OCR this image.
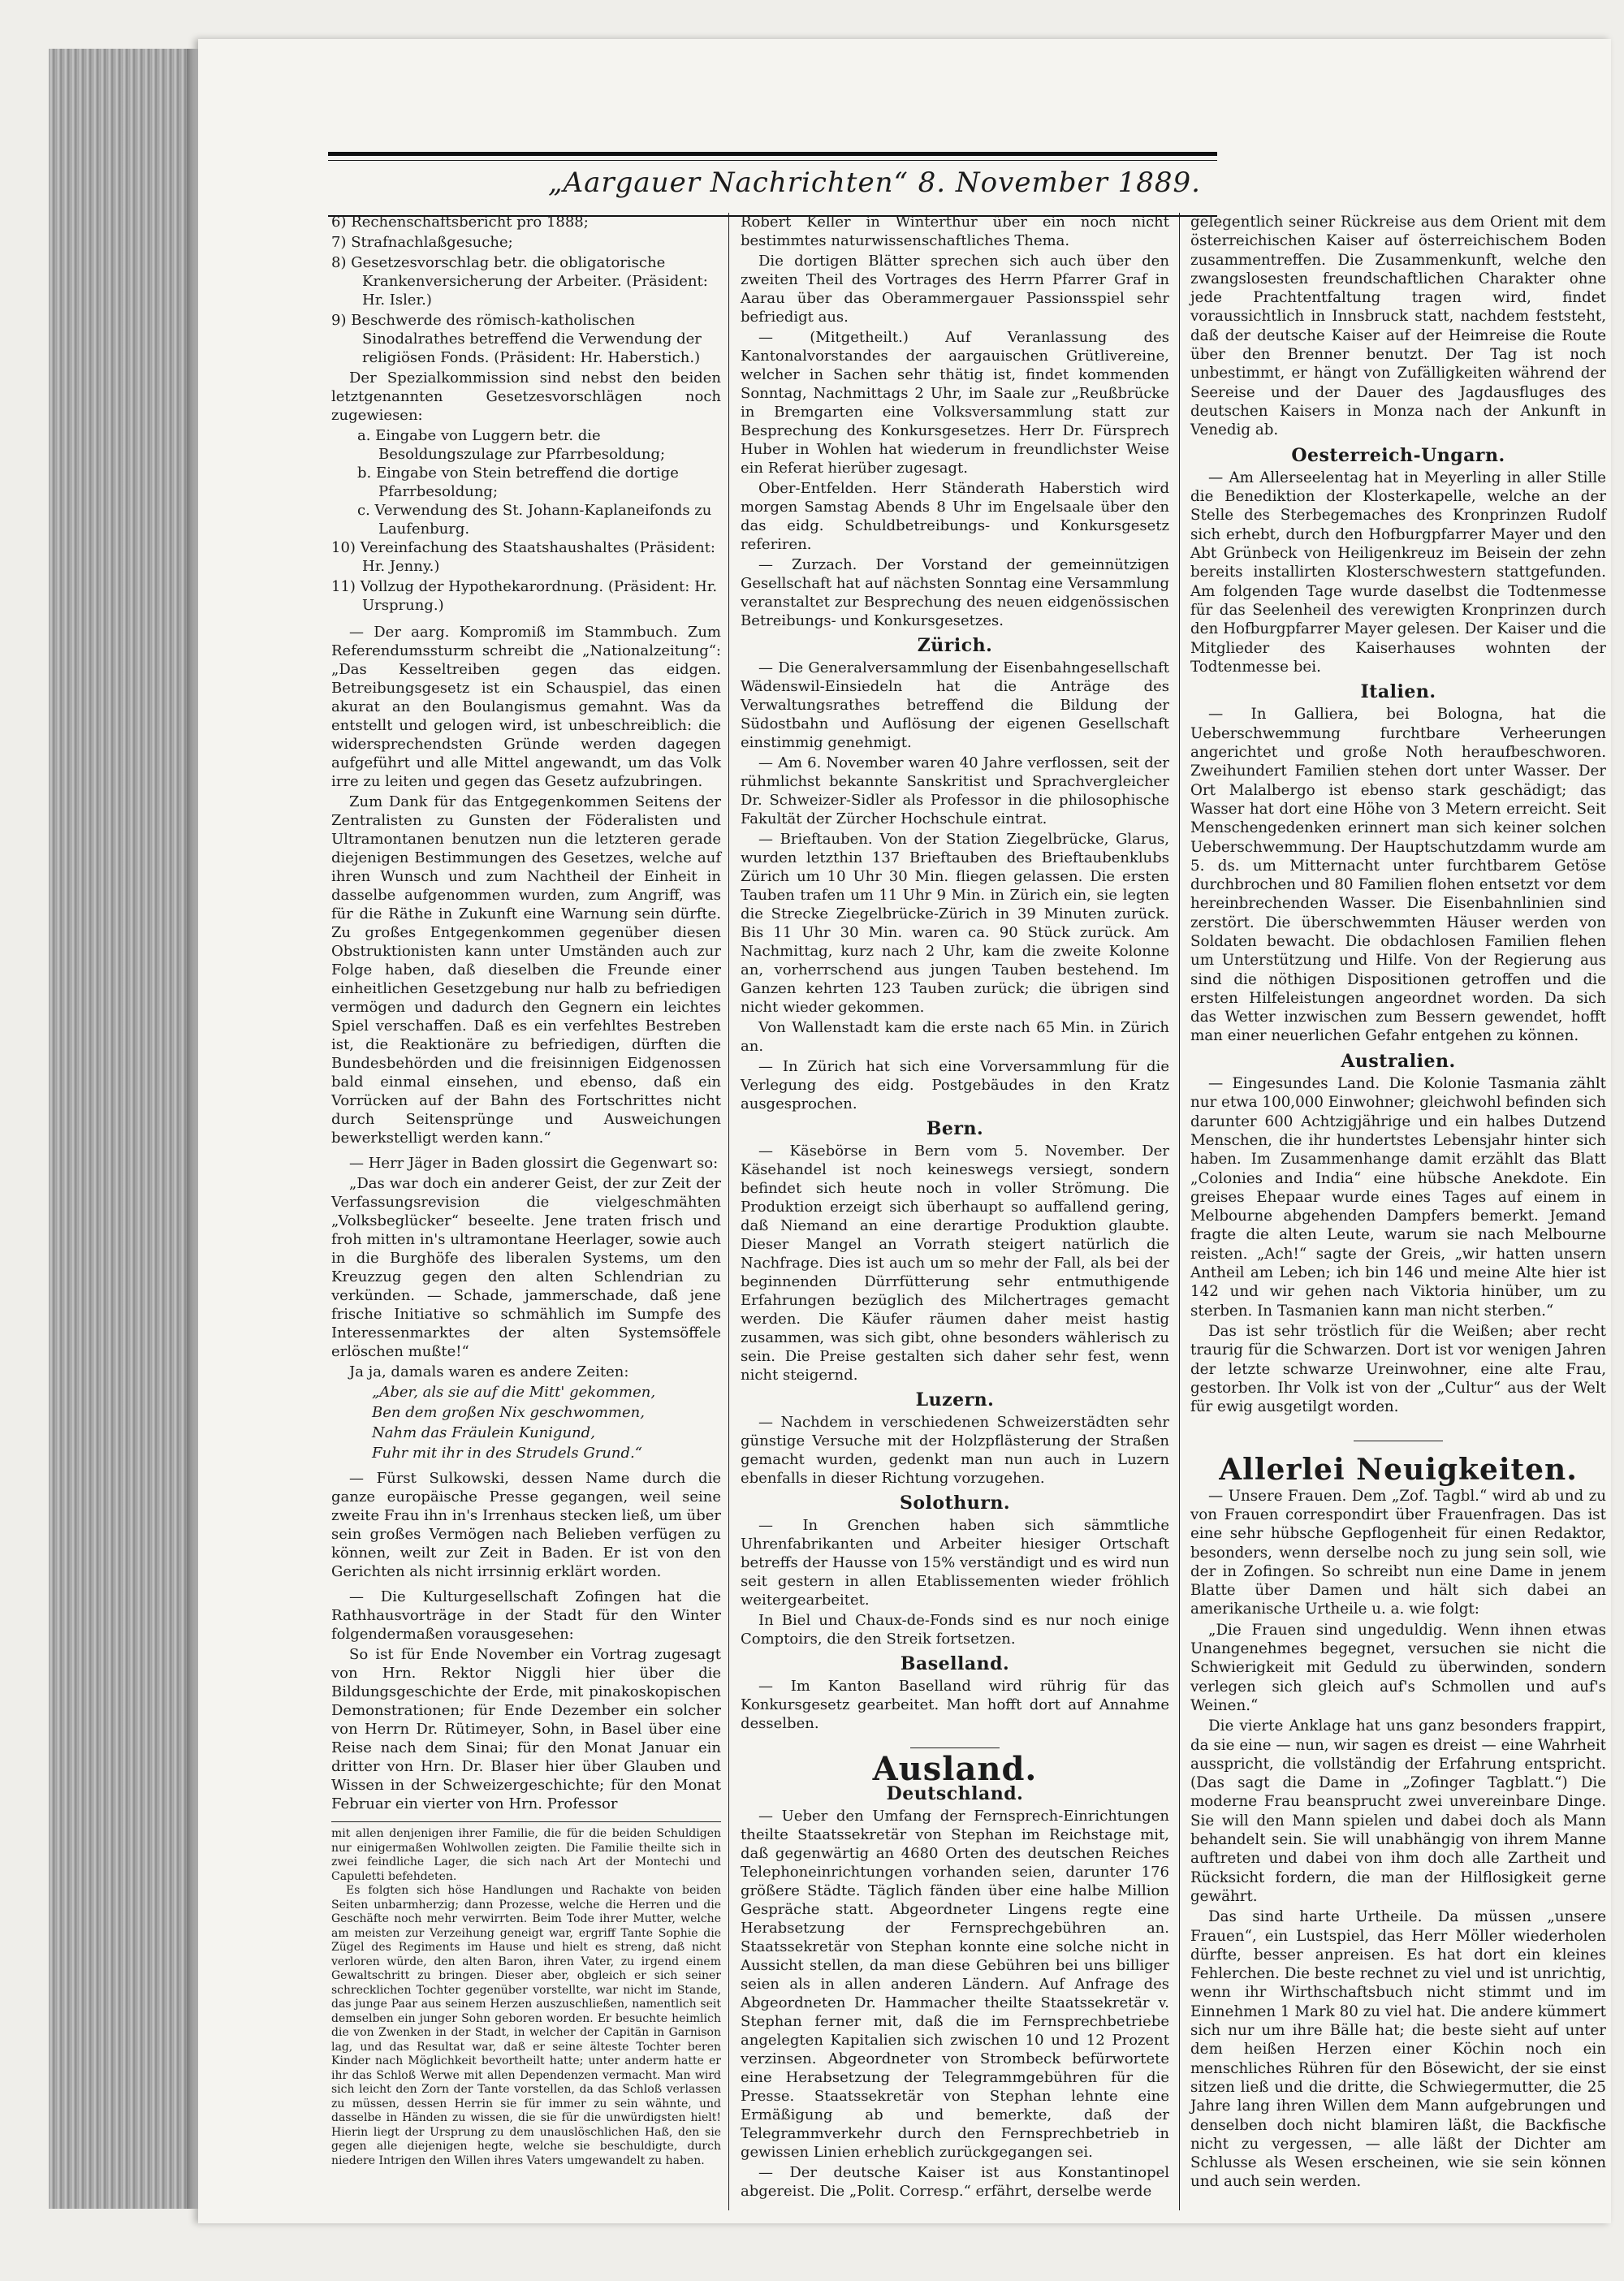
„Aargauer Nachrichten“ 8. November 1889.
6) Rechenschaftsbericht pro 1888;
7) Strafnachlaßgesuche;
8) Gesetzesvorschlag betr. die obligatorische Krankenversicherung der Arbeiter. (Präsident: Hr. Isler.)
9) Beschwerde des römisch-katholischen Sinodalrathes betreffend die Verwendung der religiösen Fonds. (Präsident: Hr. Haberstich.)

Der Spezialkommission sind nebst den beiden letztgenannten Gesetzesvorschlägen noch zugewiesen:

a. Eingabe von Luggern betr. die Besoldungszulage zur Pfarrbesoldung;
b. Eingabe von Stein betreffend die dortige Pfarrbesoldung;
c. Verwendung des St. Johann-Kaplaneifonds zu Laufenburg.
10) Vereinfachung des Staatshaushaltes (Präsident: Hr. Jenny.)
11) Vollzug der Hypothekarordnung. (Präsident: Hr. Ursprung.)

— Der aarg. Kompromiß im Stammbuch. Zum Referendumssturm schreibt die „Nationalzeitung“: „Das Kesseltreiben gegen das eidgen. Betreibungsgesetz ist ein Schauspiel, das einen akurat an den Boulangismus gemahnt. Was da entstellt und gelogen wird, ist unbeschreiblich: die widersprechendsten Gründe werden dagegen aufgeführt und alle Mittel angewandt, um das Volk irre zu leiten und gegen das Gesetz aufzubringen.

Zum Dank für das Entgegenkommen Seitens der Zentralisten zu Gunsten der Föderalisten und Ultramontanen benutzen nun die letzteren gerade diejenigen Bestimmungen des Gesetzes, welche auf ihren Wunsch und zum Nachtheil der Einheit in dasselbe aufgenommen wurden, zum Angriff, was für die Räthe in Zukunft eine Warnung sein dürfte. Zu großes Entgegenkommen gegenüber diesen Obstruktionisten kann unter Umständen auch zur Folge haben, daß dieselben die Freunde einer einheitlichen Gesetzgebung nur halb zu befriedigen vermögen und dadurch den Gegnern ein leichtes Spiel verschaffen. Daß es ein verfehltes Bestreben ist, die Reaktionäre zu befriedigen, dürften die Bundesbehörden und die freisinnigen Eidgenossen bald einmal einsehen, und ebenso, daß ein Vorrücken auf der Bahn des Fortschrittes nicht durch Seitensprünge und Ausweichungen bewerkstelligt werden kann.“

— Herr Jäger in Baden glossirt die Gegenwart so:

„Das war doch ein anderer Geist, der zur Zeit der Verfassungsrevision die vielgeschmähten „Volksbeglücker“ beseelte. Jene traten frisch und froh mitten in's ultramontane Heerlager, sowie auch in die Burghöfe des liberalen Systems, um den Kreuzzug gegen den alten Schlendrian zu verkünden. — Schade, jammerschade, daß jene frische Initiative so schmählich im Sumpfe des Interessenmarktes der alten Systemsöffele erlöschen mußte!“

Ja ja, damals waren es andere Zeiten:

„Aber, als sie auf die Mitt' gekommen,
Ben dem großen Nix geschwommen,
Nahm das Fräulein Kunigund,
Fuhr mit ihr in des Strudels Grund.“

— Fürst Sulkowski, dessen Name durch die ganze europäische Presse gegangen, weil seine zweite Frau ihn in's Irrenhaus stecken ließ, um über sein großes Vermögen nach Belieben verfügen zu können, weilt zur Zeit in Baden. Er ist von den Gerichten als nicht irrsinnig erklärt worden.

— Die Kulturgesellschaft Zofingen hat die Rathhausvorträge in der Stadt für den Winter folgendermaßen vorausgesehen:

So ist für Ende November ein Vortrag zugesagt von Hrn. Rektor Niggli hier über die Bildungsgeschichte der Erde, mit pinakoskopischen Demonstrationen; für Ende Dezember ein solcher von Herrn Dr. Rütimeyer, Sohn, in Basel über eine Reise nach dem Sinai; für den Monat Januar ein dritter von Hrn. Dr. Blaser hier über Glauben und Wissen in der Schweizergeschichte; für den Monat Februar ein vierter von Hrn. Professor

mit allen denjenigen ihrer Familie, die für die beiden Schuldigen nur einigermaßen Wohlwollen zeigten. Die Familie theilte sich in zwei feindliche Lager, die sich nach Art der Montechi und Capuletti befehdeten.

Es folgten sich höse Handlungen und Rachakte von beiden Seiten unbarmherzig; dann Prozesse, welche die Herren und die Geschäfte noch mehr verwirrten. Beim Tode ihrer Mutter, welche am meisten zur Verzeihung geneigt war, ergriff Tante Sophie die Zügel des Regiments im Hause und hielt es streng, daß nicht verloren würde, den alten Baron, ihren Vater, zu irgend einem Gewaltschritt zu bringen. Dieser aber, obgleich er sich seiner schrecklichen Tochter gegenüber vorstellte, war nicht im Stande, das junge Paar aus seinem Herzen auszuschließen, namentlich seit demselben ein junger Sohn geboren worden. Er besuchte heimlich die von Zwenken in der Stadt, in welcher der Capitän in Garnison lag, und das Resultat war, daß er seine älteste Tochter beren Kinder nach Möglichkeit bevortheilt hatte; unter anderm hatte er ihr das Schloß Werwe mit allen Dependenzen vermacht. Man wird sich leicht den Zorn der Tante vorstellen, da das Schloß verlassen zu müssen, dessen Herrin sie für immer zu sein wähnte, und dasselbe in Händen zu wissen, die sie für die unwürdigsten hielt! Hierin liegt der Ursprung zu dem unauslöschlichen Haß, den sie gegen alle diejenigen hegte, welche sie beschuldigte, durch niedere Intrigen den Willen ihres Vaters umgewandelt zu haben.

Robert Keller in Winterthur über ein noch nicht bestimmtes naturwissenschaftliches Thema.

Die dortigen Blätter sprechen sich auch über den zweiten Theil des Vortrages des Herrn Pfarrer Graf in Aarau über das Oberammergauer Passionsspiel sehr befriedigt aus.

— (Mitgetheilt.) Auf Veranlassung des Kantonalvorstandes der aargauischen Grütlivereine, welcher in Sachen sehr thätig ist, findet kommenden Sonntag, Nachmittags 2 Uhr, im Saale zur „Reußbrücke in Bremgarten eine Volksversammlung statt zur Besprechung des Konkursgesetzes. Herr Dr. Fürsprech Huber in Wohlen hat wiederum in freundlichster Weise ein Referat hierüber zugesagt.

Ober-Entfelden. Herr Ständerath Haberstich wird morgen Samstag Abends 8 Uhr im Engelsaale über den das eidg. Schuldbetreibungs- und Konkursgesetz referiren.

— Zurzach. Der Vorstand der gemeinnützigen Gesellschaft hat auf nächsten Sonntag eine Versammlung veranstaltet zur Besprechung des neuen eidgenössischen Betreibungs- und Konkursgesetzes.

Zürich.

— Die Generalversammlung der Eisenbahngesellschaft Wädenswil-Einsiedeln hat die Anträge des Verwaltungsrathes betreffend die Bildung der Südostbahn und Auflösung der eigenen Gesellschaft einstimmig genehmigt.

— Am 6. November waren 40 Jahre verflossen, seit der rühmlichst bekannte Sanskritist und Sprachvergleicher Dr. Schweizer-Sidler als Professor in die philosophische Fakultät der Zürcher Hochschule eintrat.

— Brieftauben. Von der Station Ziegelbrücke, Glarus, wurden letzthin 137 Brieftauben des Brieftaubenklubs Zürich um 10 Uhr 30 Min. fliegen gelassen. Die ersten Tauben trafen um 11 Uhr 9 Min. in Zürich ein, sie legten die Strecke Ziegelbrücke-Zürich in 39 Minuten zurück. Bis 11 Uhr 30 Min. waren ca. 90 Stück zurück. Am Nachmittag, kurz nach 2 Uhr, kam die zweite Kolonne an, vorherrschend aus jungen Tauben bestehend. Im Ganzen kehrten 123 Tauben zurück; die übrigen sind nicht wieder gekommen.

Von Wallenstadt kam die erste nach 65 Min. in Zürich an.

— In Zürich hat sich eine Vorversammlung für die Verlegung des eidg. Postgebäudes in den Kratz ausgesprochen.

Bern.

— Käsebörse in Bern vom 5. November. Der Käsehandel ist noch keineswegs versiegt, sondern befindet sich heute noch in voller Strömung. Die Produktion erzeigt sich überhaupt so auffallend gering, daß Niemand an eine derartige Produktion glaubte. Dieser Mangel an Vorrath steigert natürlich die Nachfrage. Dies ist auch um so mehr der Fall, als bei der beginnenden Dürrfütterung sehr entmuthigende Erfahrungen bezüglich des Milchertrages gemacht werden. Die Käufer räumen daher meist hastig zusammen, was sich gibt, ohne besonders wählerisch zu sein. Die Preise gestalten sich daher sehr fest, wenn nicht steigernd.

Luzern.

— Nachdem in verschiedenen Schweizerstädten sehr günstige Versuche mit der Holzpflästerung der Straßen gemacht wurden, gedenkt man nun auch in Luzern ebenfalls in dieser Richtung vorzugehen.

Solothurn.

— In Grenchen haben sich sämmtliche Uhrenfabrikanten und Arbeiter hiesiger Ortschaft betreffs der Hausse von 15% verständigt und es wird nun seit gestern in allen Etablissementen wieder fröhlich weitergearbeitet.

In Biel und Chaux-de-Fonds sind es nur noch einige Comptoirs, die den Streik fortsetzen.

Baselland.

— Im Kanton Baselland wird rührig für das Konkursgesetz gearbeitet. Man hofft dort auf Annahme desselben.

Ausland.
Deutschland.

— Ueber den Umfang der Fernsprech-Einrichtungen theilte Staatssekretär von Stephan im Reichstage mit, daß gegenwärtig an 4680 Orten des deutschen Reiches Telephoneinrichtungen vorhanden seien, darunter 176 größere Städte. Täglich fänden über eine halbe Million Gespräche statt. Abgeordneter Lingens regte eine Herabsetzung der Fernsprechgebühren an. Staatssekretär von Stephan konnte eine solche nicht in Aussicht stellen, da man diese Gebühren bei uns billiger seien als in allen anderen Ländern. Auf Anfrage des Abgeordneten Dr. Hammacher theilte Staatssekretär v. Stephan ferner mit, daß die im Fernsprechbetriebe angelegten Kapitalien sich zwischen 10 und 12 Prozent verzinsen. Abgeordneter von Strombeck befürwortete eine Herabsetzung der Telegrammgebühren für die Presse. Staatssekretär von Stephan lehnte eine Ermäßigung ab und bemerkte, daß der Telegrammverkehr durch den Fernsprechbetrieb in gewissen Linien erheblich zurückgegangen sei.

— Der deutsche Kaiser ist aus Konstantinopel abgereist. Die „Polit. Corresp.“ erfährt, derselbe werde

gelegentlich seiner Rückreise aus dem Orient mit dem österreichischen Kaiser auf österreichischem Boden zusammentreffen. Die Zusammenkunft, welche den zwangslosesten freundschaftlichen Charakter ohne jede Prachtentfaltung tragen wird, findet voraussichtlich in Innsbruck statt, nachdem feststeht, daß der deutsche Kaiser auf der Heimreise die Route über den Brenner benutzt. Der Tag ist noch unbestimmt, er hängt von Zufälligkeiten während der Seereise und der Dauer des Jagdausfluges des deutschen Kaisers in Monza nach der Ankunft in Venedig ab.

Oesterreich-Ungarn.

— Am Allerseelentag hat in Meyerling in aller Stille die Benediktion der Klosterkapelle, welche an der Stelle des Sterbegemaches des Kronprinzen Rudolf sich erhebt, durch den Hofburgpfarrer Mayer und den Abt Grünbeck von Heiligenkreuz im Beisein der zehn bereits installirten Klosterschwestern stattgefunden. Am folgenden Tage wurde daselbst die Todtenmesse für das Seelenheil des verewigten Kronprinzen durch den Hofburgpfarrer Mayer gelesen. Der Kaiser und die Mitglieder des Kaiserhauses wohnten der Todtenmesse bei.

Italien.

— In Galliera, bei Bologna, hat die Ueberschwemmung furchtbare Verheerungen angerichtet und große Noth heraufbeschworen. Zweihundert Familien stehen dort unter Wasser. Der Ort Malalbergo ist ebenso stark geschädigt; das Wasser hat dort eine Höhe von 3 Metern erreicht. Seit Menschengedenken erinnert man sich keiner solchen Ueberschwemmung. Der Hauptschutzdamm wurde am 5. ds. um Mitternacht unter furchtbarem Getöse durchbrochen und 80 Familien flohen entsetzt vor dem hereinbrechenden Wasser. Die Eisenbahnlinien sind zerstört. Die überschwemmten Häuser werden von Soldaten bewacht. Die obdachlosen Familien flehen um Unterstützung und Hilfe. Von der Regierung aus sind die nöthigen Dispositionen getroffen und die ersten Hilfeleistungen angeordnet worden. Da sich das Wetter inzwischen zum Bessern gewendet, hofft man einer neuerlichen Gefahr entgehen zu können.

Australien.

— Eingesundes Land. Die Kolonie Tasmania zählt nur etwa 100,000 Einwohner; gleichwohl befinden sich darunter 600 Achtzigjährige und ein halbes Dutzend Menschen, die ihr hundertstes Lebensjahr hinter sich haben. Im Zusammenhange damit erzählt das Blatt „Colonies and India“ eine hübsche Anekdote. Ein greises Ehepaar wurde eines Tages auf einem in Melbourne abgehenden Dampfers bemerkt. Jemand fragte die alten Leute, warum sie nach Melbourne reisten. „Ach!“ sagte der Greis, „wir hatten unsern Antheil am Leben; ich bin 146 und meine Alte hier ist 142 und wir gehen nach Viktoria hinüber, um zu sterben. In Tasmanien kann man nicht sterben.“

Das ist sehr tröstlich für die Weißen; aber recht traurig für die Schwarzen. Dort ist vor wenigen Jahren der letzte schwarze Ureinwohner, eine alte Frau, gestorben. Ihr Volk ist von der „Cultur“ aus der Welt für ewig ausgetilgt worden.

Allerlei Neuigkeiten.

— Unsere Frauen. Dem „Zof. Tagbl.“ wird ab und zu von Frauen correspondirt über Frauenfragen. Das ist eine sehr hübsche Gepflogenheit für einen Redaktor, besonders, wenn derselbe noch zu jung sein soll, wie der in Zofingen. So schreibt nun eine Dame in jenem Blatte über Damen und hält sich dabei an amerikanische Urtheile u. a. wie folgt:

„Die Frauen sind ungeduldig. Wenn ihnen etwas Unangenehmes begegnet, versuchen sie nicht die Schwierigkeit mit Geduld zu überwinden, sondern verlegen sich gleich auf's Schmollen und auf's Weinen.“

Die vierte Anklage hat uns ganz besonders frappirt, da sie eine — nun, wir sagen es dreist — eine Wahrheit ausspricht, die vollständig der Erfahrung entspricht. (Das sagt die Dame in „Zofinger Tagblatt.“) Die moderne Frau beansprucht zwei unvereinbare Dinge. Sie will den Mann spielen und dabei doch als Mann behandelt sein. Sie will unabhängig von ihrem Manne auftreten und dabei von ihm doch alle Zartheit und Rücksicht fordern, die man der Hilflosigkeit gerne gewährt.

Das sind harte Urtheile. Da müssen „unsere Frauen“, ein Lustspiel, das Herr Möller wiederholen dürfte, besser anpreisen. Es hat dort ein kleines Fehlerchen. Die beste rechnet zu viel und ist unrichtig, wenn ihr Wirthschaftsbuch nicht stimmt und im Einnehmen 1 Mark 80 zu viel hat. Die andere kümmert sich nur um ihre Bälle hat; die beste sieht auf unter dem heißen Herzen einer Köchin noch ein menschliches Rühren für den Bösewicht, der sie einst sitzen ließ und die dritte, die Schwiegermutter, die 25 Jahre lang ihren Willen dem Mann aufgebrungen und denselben doch nicht blamiren läßt, die Backfische nicht zu vergessen, — alle läßt der Dichter am Schlusse als Wesen erscheinen, wie sie sein können und auch sein werden.
